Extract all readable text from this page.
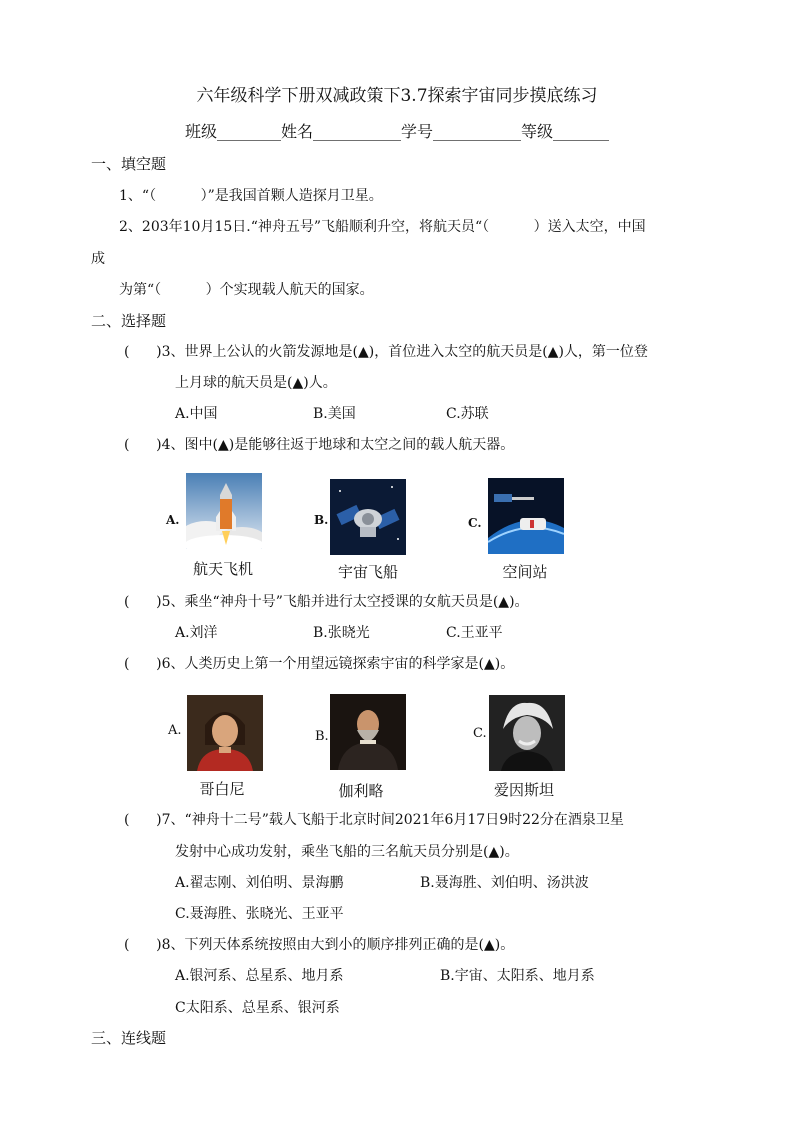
六年级科学下册双减政策下3.7探索宇宙同步摸底练习
班级________姓名___________学号___________等级_______
一、填空题
1、“（          ）”是我国首颗人造探月卫星。
2、203年10月15日.“神舟五号”飞船顺利升空，将航天员“（          ）送入太空，中国
成
为第“（          ）个实现载人航天的国家。
二、选择题
(      )3、世界上公认的火箭发源地是(▲)，首位进入太空的航天员是(▲)人，第一位登
上月球的航天员是(▲)人。
A.中国	B.美国	C.苏联
(      )4、图中(▲)是能够往返于地球和太空之间的载人航天器。
A.
航天飞机
B.
宇宙飞船
C.
空间站
(      )5、乘坐“神舟十号”飞船并进行太空授课的女航天员是(▲)。
A.刘洋	B.张晓光	C.王亚平
(      )6、人类历史上第一个用望远镜探索宇宙的科学家是(▲)。
A.
哥白尼
B.
伽利略
C.
爱因斯坦
(      )7、“神舟十二号”载人飞船于北京时间2021年6月17日9时22分在酒泉卫星
发射中心成功发射，乘坐飞船的三名航天员分别是(▲)。
A.翟志刚、刘伯明、景海鹏	B.聂海胜、刘伯明、汤洪波
C.聂海胜、张晓光、王亚平
(      )8、下列天体系统按照由大到小的顺序排列正确的是(▲)。
A.银河系、总星系、地月系	B.宇宙、太阳系、地月系
C太阳系、总星系、银河系
三、连线题
